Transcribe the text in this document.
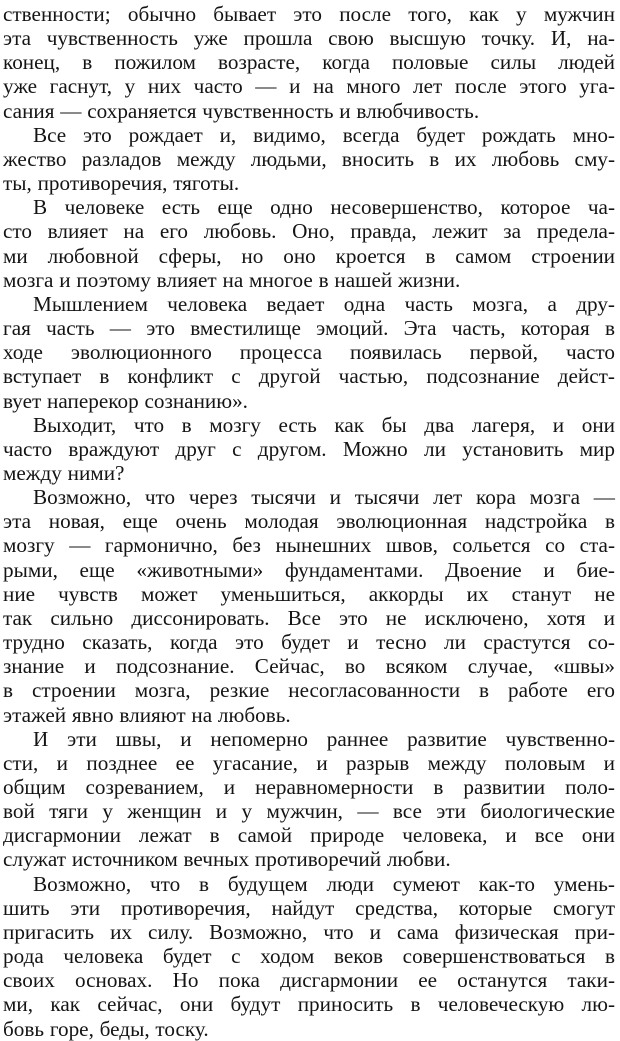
ственности; обычно бывает это после того, как у мужчин
эта чувственность уже прошла свою высшую точку. И, на-
конец, в пожилом возрасте, когда половые силы людей
уже гаснут, у них часто — и на много лет после этого уга-
сания — сохраняется чувственность и влюбчивость.

Все это рождает и, видимо, всегда будет рождать мно-
жество разладов между людьми, вносить в их любовь сму-
ты, противоречия, тяготы.

В человеке есть еще одно несовершенство, которое ча-
сто влияет на его любовь. Оно, правда, лежит за предела-
ми любовной сферы, но оно кроется в самом строении
мозга и поэтому влияет на многое в нашей жизни.

Мышлением человека ведает одна часть мозга, а дру-
гая часть — это вместилище эмоций. Эта часть, которая в
ходе эволюционного процесса появилась первой, часто
вступает в конфликт с другой частью, подсознание дейст-
вует наперекор сознанию».

Выходит, что в мозгу есть как бы два лагеря, и они
часто враждуют друг с другом. Можно ли установить мир
между ними?

Возможно, что через тысячи и тысячи лет кора мозга —
эта новая, еще очень молодая эволюционная надстройка в
мозгу — гармонично, без нынешних швов, сольется со ста-
рыми, еще «животными» фундаментами. Двоение и бие-
ние чувств может уменьшиться, аккорды их станут не
так сильно диссонировать. Все это не исключено, хотя и
трудно сказать, когда это будет и тесно ли срастутся со-
знание и подсознание. Сейчас, во всяком случае, «швы»
в строении мозга, резкие несогласованности в работе его
этажей явно влияют на любовь.

И эти швы, и непомерно раннее развитие чувственно-
сти, и позднее ее угасание, и разрыв между половым и
общим созреванием, и неравномерности в развитии поло-
вой тяги у женщин и у мужчин, — все эти биологические
дисгармонии лежат в самой природе человека, и все они
служат источником вечных противоречий любви.

Возможно, что в будущем люди сумеют как-то умень-
шить эти противоречия, найдут средства, которые смогут
пригасить их силу. Возможно, что и сама физическая при-
рода человека будет с ходом веков совершенствоваться в
своих основах. Но пока дисгармонии ее останутся таки-
ми, как сейчас, они будут приносить в человеческую лю-
бовь горе, беды, тоску.
